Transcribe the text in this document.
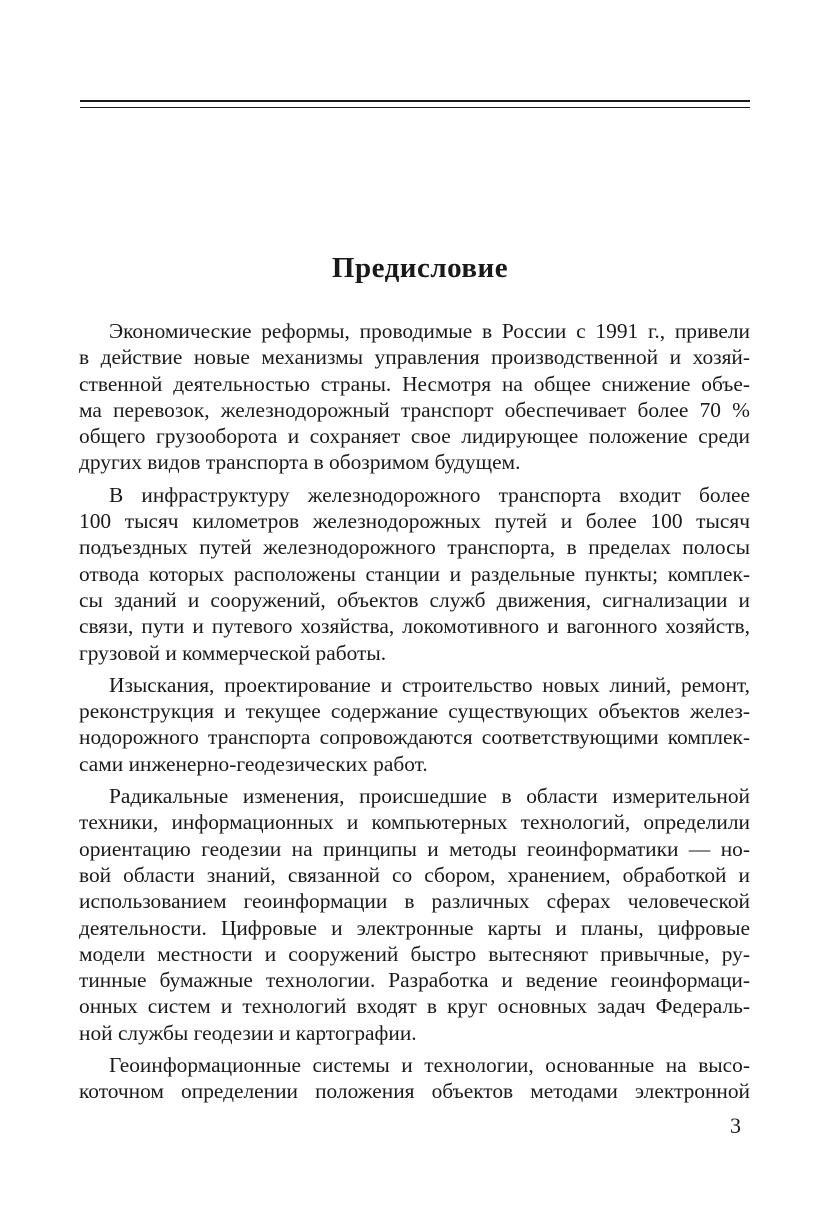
Предисловие

Экономические реформы, проводимые в России с 1991 г., привели
в действие новые механизмы управления производственной и хозяй-
ственной деятельностью страны. Несмотря на общее снижение объе-
ма перевозок, железнодорожный транспорт обеспечивает более 70 %
общего грузооборота и сохраняет свое лидирующее положение среди
других видов транспорта в обозримом будущем.

В инфраструктуру железнодорожного транспорта входит более
100 тысяч километров железнодорожных путей и более 100 тысяч
подъездных путей железнодорожного транспорта, в пределах полосы
отвода которых расположены станции и раздельные пункты; комплек-
сы зданий и сооружений, объектов служб движения, сигнализации и
связи, пути и путевого хозяйства, локомотивного и вагонного хозяйств,
грузовой и коммерческой работы.

Изыскания, проектирование и строительство новых линий, ремонт,
реконструкция и текущее содержание существующих объектов желез-
нодорожного транспорта сопровождаются соответствующими комплек-
сами инженерно-геодезических работ.

Радикальные изменения, происшедшие в области измерительной
техники, информационных и компьютерных технологий, определили
ориентацию геодезии на принципы и методы геоинформатики — но-
вой области знаний, связанной со сбором, хранением, обработкой и
использованием геоинформации в различных сферах человеческой
деятельности. Цифровые и электронные карты и планы, цифровые
модели местности и сооружений быстро вытесняют привычные, ру-
тинные бумажные технологии. Разработка и ведение геоинформаци-
онных систем и технологий входят в круг основных задач Федераль-
ной службы геодезии и картографии.

Геоинформационные системы и технологии, основанные на высо-
коточном определении положения объектов методами электронной

3
